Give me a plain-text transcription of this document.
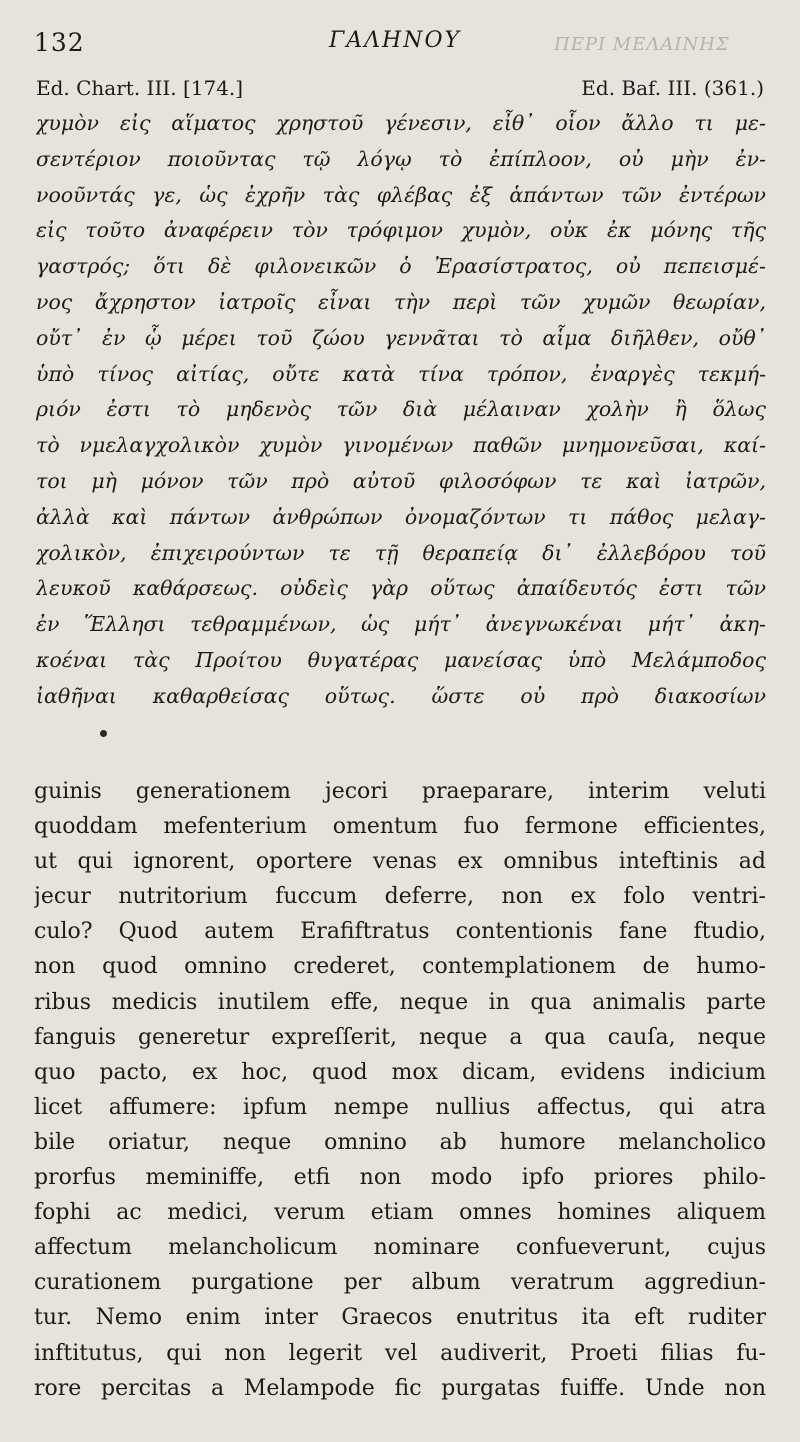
132	ΓΑΛΗΝΟΥ	ΠΕΡΙ ΜΕΛΑΙΝΗΣ
Ed. Chart. III. [174.]	Ed. Baf. III. (361.)
χυμὸν εἰς αἵματος χρηστοῦ γένεσιν, εἶθ᾽ οἷον ἄλλο τι με-
σεντέριον ποιοῦντας τῷ λόγῳ τὸ ἐπίπλοον, οὐ μὴν ἐν-
νοοῦντάς γε, ὡς ἐχρῆν τὰς φλέβας ἐξ ἁπάντων τῶν ἐντέρων
εἰς τοῦτο ἀναφέρειν τὸν τρόφιμον χυμὸν, οὐκ ἐκ μόνης τῆς
γαστρός; ὅτι δὲ φιλονεικῶν ὁ Ἐρασίστρατος, οὐ πεπεισμέ-
νος ἄχρηστον ἰατροῖς εἶναι τὴν περὶ τῶν χυμῶν θεωρίαν,
οὔτ᾽ ἐν ᾧ μέρει τοῦ ζώου γεννᾶται τὸ αἷμα διῆλθεν, οὔθ᾽
ὑπὸ τίνος αἰτίας, οὔτε κατὰ τίνα τρόπον, ἐναργὲς τεκμή-
ριόν ἐστι τὸ μηδενὸς τῶν διὰ μέλαιναν χολὴν ἢ ὅλως
τὸ νμελαγχολικὸν χυμὸν γινομένων παθῶν μνημονεῦσαι, καί-
τοι μὴ μόνον τῶν πρὸ αὐτοῦ φιλοσόφων τε καὶ ἰατρῶν,
ἀλλὰ καὶ πάντων ἀνθρώπων ὀνομαζόντων τι πάθος μελαγ-
χολικὸν, ἐπιχειρούντων τε τῇ θεραπείᾳ δι᾽ ἐλλεβόρου τοῦ
λευκοῦ καθάρσεως. οὐδεὶς γὰρ οὕτως ἀπαίδευτός ἐστι τῶν
ἐν Ἕλλησι τεθραμμένων, ὡς μήτ᾽ ἀνεγνωκέναι μήτ᾽ ἀκη-
κοέναι τὰς Προίτου θυγατέρας μανείσας ὑπὸ Μελάμποδος
ἰαθῆναι καθαρθείσας οὕτως. ὥστε οὐ πρὸ διακοσίων
guinis generationem jecori praeparare, interim veluti
quoddam mefenterium omentum fuo fermone efficientes,
ut qui ignorent, oportere venas ex omnibus inteftinis ad
jecur nutritorium fuccum deferre, non ex folo ventri-
culo? Quod autem Erafiftratus contentionis fane ftudio,
non quod omnino crederet, contemplationem de humo-
ribus medicis inutilem effe, neque in qua animalis parte
fanguis generetur expreſſerit, neque a qua cauſa, neque
quo pacto, ex hoc, quod mox dicam, evidens indicium
licet affumere: ipfum nempe nullius affectus, qui atra
bile oriatur, neque omnino ab humore melancholico
prorfus meminiffe, etfi non modo ipfo priores philo-
fophi ac medici, verum etiam omnes homines aliquem
affectum melancholicum nominare confueverunt, cujus
curationem purgatione per album veratrum aggrediun-
tur. Nemo enim inter Graecos enutritus ita eft ruditer
inftitutus, qui non legerit vel audiverit, Proeti filias fu-
rore percitas a Melampode fic purgatas fuiffe. Unde non
